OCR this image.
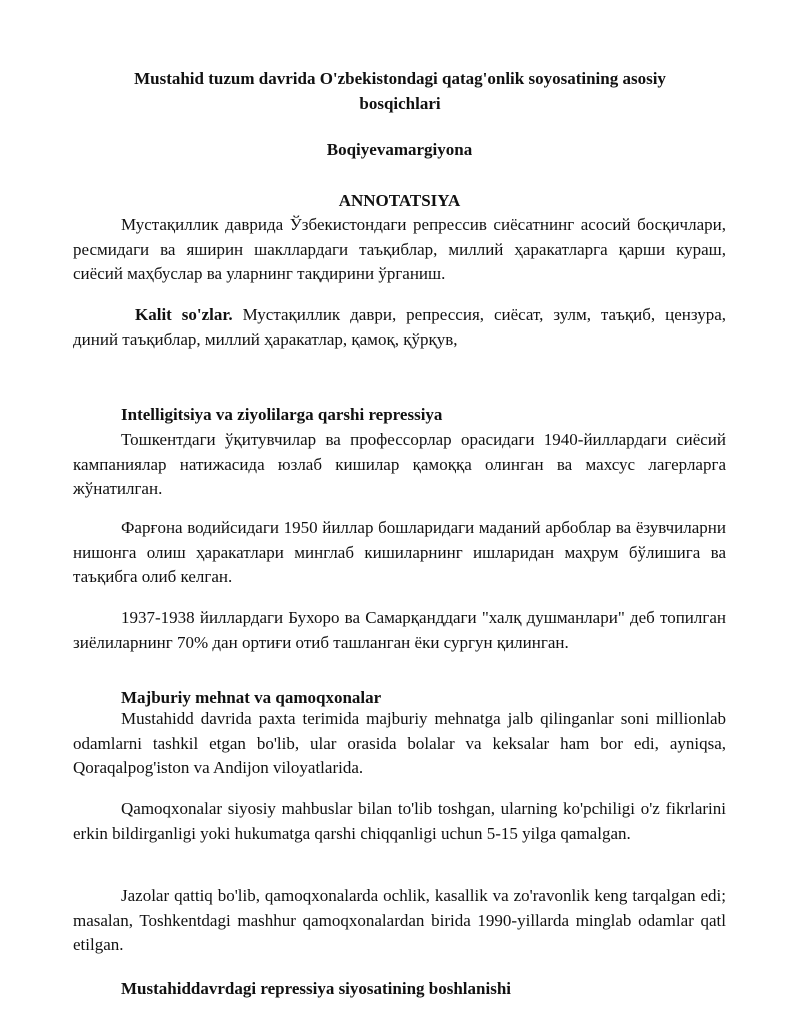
Mustahid tuzum davrida O'zbekistondagi qatag'onlik soyosatining asosiy bosqichlari

Boqiyevamargiyona

ANNOTATSIYA

Мустақиллик даврида Ўзбекистондаги репрессив сиёсатнинг асосий босқичлари, ресмидаги ва яширин шакллардаги таъқиблар, миллий ҳаракатларга қарши кураш, сиёсий маҳбуслар ва уларнинг тақдирини ўрганиш.

Kalit so'zlar. Мустақиллик даври, репрессия, сиёсат, зулм, таъқиб, цензура, диний таъқиблар, миллий ҳаракатлар, қамоқ, қўрқув,

Intelligitsiya va ziyolilarga qarshi repressiya

Тошкентдаги ўқитувчилар ва профессорлар орасидаги 1940-йиллардаги сиёсий кампаниялар натижасида юзлаб кишилар қамоққа олинган ва махсус лагерларга жўнатилган.

Фарғона водийсидаги 1950 йиллар бошларидаги маданий арбоблар ва ёзувчиларни нишонга олиш ҳаракатлари минглаб кишиларнинг ишларидан маҳрум бўлишига ва таъқибга олиб келган.

1937-1938 йиллардаги Бухоро ва Самарқанддаги "халқ душманлари" деб топилган зиёлиларнинг 70% дан ортиғи отиб ташланган ёки сургун қилинган.

Majburiy mehnat va qamoqxonalar

Mustahidd davrida paxta terimida majburiy mehnatga jalb qilinganlar soni millionlab odamlarni tashkil etgan bo'lib, ular orasida bolalar va keksalar ham bor edi, ayniqsa, Qoraqalpog'iston va Andijon viloyatlarida.

Qamoqxonalar siyosiy mahbuslar bilan to'lib toshgan, ularning ko'pchiligi o'z fikrlarini erkin bildirganligi yoki hukumatga qarshi chiqqanligi uchun 5-15 yilga qamalgan.

Jazolar qattiq bo'lib, qamoqxonalarda ochlik, kasallik va zo'ravonlik keng tarqalgan edi; masalan, Toshkentdagi mashhur qamoqxonalardan birida 1990-yillarda minglab odamlar qatl etilgan.

Mustahiddavrdagi repressiya siyosatining boshlanishi
